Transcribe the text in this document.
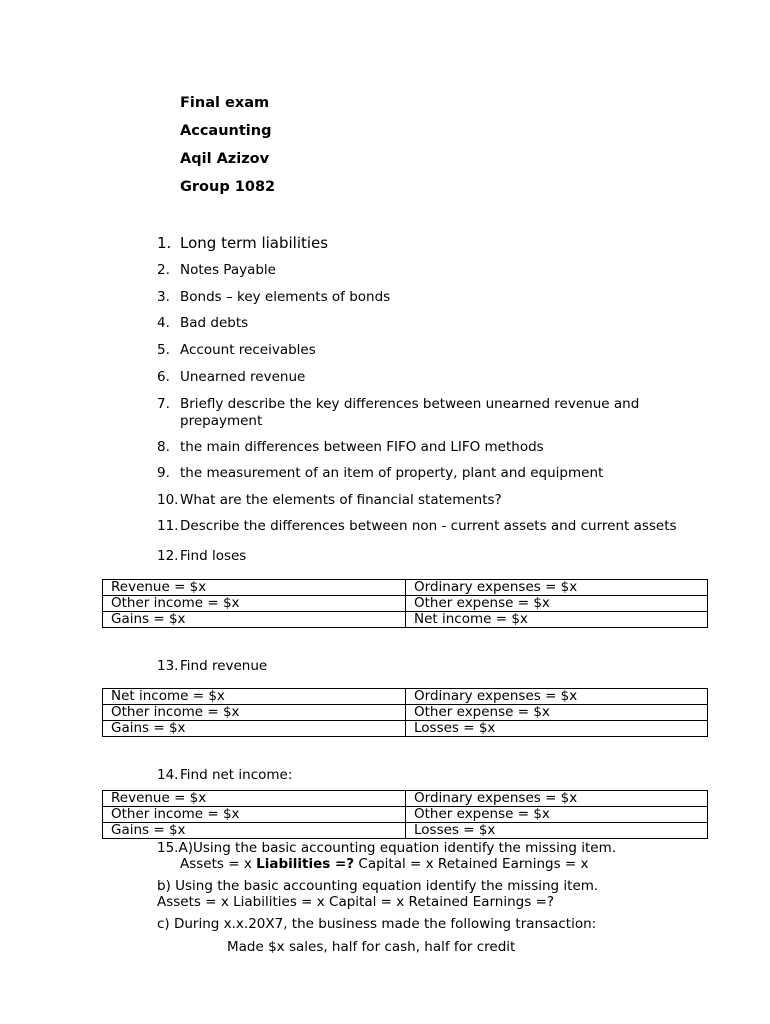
Final exam
Accaunting
Aqil Azizov
Group 1082
1. Long term liabilities
2. Notes Payable
3. Bonds – key elements of bonds
4. Bad debts
5. Account receivables
6. Unearned revenue
7. Briefly describe the key differences between unearned revenue and prepayment
8. the main differences between FIFO and LIFO methods
9. the measurement of an item of property, plant and equipment
10. What are the elements of financial statements?
11. Describe the differences between non - current assets and current assets
12. Find loses
Revenue = $x	Ordinary expenses = $x
Other income = $x	Other expense = $x
Gains = $x	Net income = $x
13. Find revenue
Net income = $x	Ordinary expenses = $x
Other income = $x	Other expense = $x
Gains = $x	Losses = $x
14. Find net income:
Revenue = $x	Ordinary expenses = $x
Other income = $x	Other expense = $x
Gains = $x	Losses = $x
15.A)Using the basic accounting equation identify the missing item.
Assets = x Liabilities =? Capital = x Retained Earnings = x
b) Using the basic accounting equation identify the missing item.
Assets = x Liabilities = x Capital = x Retained Earnings =?
c) During x.x.20X7, the business made the following transaction:
Made $x sales, half for cash, half for credit
